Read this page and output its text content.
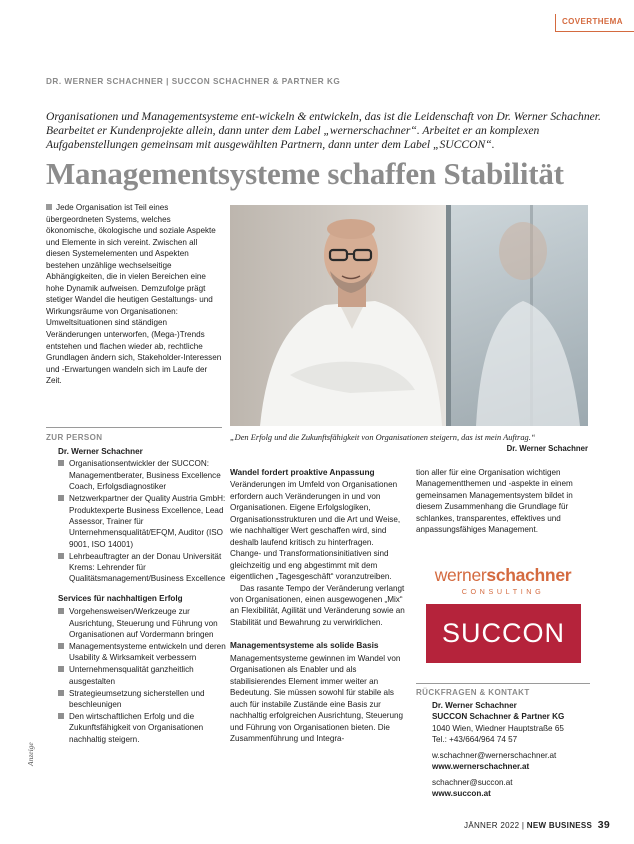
COVERTHEMA
DR. WERNER SCHACHNER | SUCCON SCHACHNER & PARTNER KG
Organisationen und Managementsysteme ent-wickeln & entwickeln, das ist die Leidenschaft von Dr. Werner Schachner. Bearbeitet er Kundenprojekte allein, dann unter dem Label „wernerschachner“. Arbeitet er an komplexen Aufgabenstellungen gemeinsam mit ausgewählten Partnern, dann unter dem Label „SUCCON“.
Managementsysteme schaffen Stabilität
Jede Organisation ist Teil eines übergeordneten Systems, welches ökonomische, ökologische und soziale Aspekte und Elemente in sich vereint. Zwischen all diesen Systemelementen und Aspekten bestehen unzählige wechselseitige Abhängigkeiten, die in vielen Bereichen eine hohe Dynamik aufweisen. Demzufolge prägt stetiger Wandel die heutigen Gestaltungs- und Wirkungsräume von Organisationen: Umweltsituationen sind ständigen Veränderungen unterworfen, (Mega-)Trends entstehen und flachen wieder ab, rechtliche Grundlagen ändern sich, Stakeholder-Interessen und -Erwartungen wandeln sich im Laufe der Zeit.
„Den Erfolg und die Zukunftsfähigkeit von Organisationen steigern, das ist mein Auftrag.“
Dr. Werner Schachner
ZUR PERSON
Dr. Werner Schachner
Organisationsentwickler der SUCCON: Managementberater, Business Excellence Coach, Erfolgsdiagnostiker
Netzwerkpartner der Quality Austria GmbH: Produktexperte Business Excellence, Lead Assessor, Trainer für Unternehmensqualität/EFQM, Auditor (ISO 9001, ISO 14001)
Lehrbeauftragter an der Donau Universität Krems: Lehrender für Qualitätsmanagement/Business Excellence
Services für nachhaltigen Erfolg
Vorgehensweisen/Werkzeuge zur Ausrichtung, Steuerung und Führung von Organisationen auf Vordermann bringen
Managementsysteme entwickeln und deren Usability & Wirksamkeit verbessern
Unternehmensqualität ganzheitlich ausgestalten
Strategieumsetzung sicherstellen und beschleunigen
Den wirtschaftlichen Erfolg und die Zukunftsfähigkeit von Organisationen nachhaltig steigern.
Anzeige
Wandel fordert proaktive Anpassung

Veränderungen im Umfeld von Organisationen erfordern auch Veränderungen in und von Organisationen. Eigene Erfolgslogiken, Organisationsstrukturen und die Art und Weise, wie nachhaltiger Wert geschaffen wird, sind deshalb laufend kritisch zu hinterfragen. Change- und Transformationsinitiativen sind gleichzeitig und eng abgestimmt mit dem eigentlichen „Tagesgeschäft“ voranzutreiben.

Das rasante Tempo der Veränderung verlangt von Organisationen, einen ausgewogenen „Mix“ an Flexibilität, Agilität und Veränderung sowie an Stabilität und Bewahrung zu verwirklichen.

Managementsysteme als solide Basis

Managementsysteme gewinnen im Wandel von Organisationen als Enabler und als stabilisierendes Element immer weiter an Bedeutung. Sie müssen sowohl für stabile als auch für instabile Zustände eine Basis zur nachhaltig erfolgreichen Ausrichtung, Steuerung und Führung von Organisationen bieten. Die Zusammenführung und Integra-

tion aller für eine Organisation wichtigen Managementthemen und -aspekte in einem gemeinsamen Managementsystem bildet in diesem Zusammenhang die Grundlage für schlankes, transparentes, effektives und anpassungsfähiges Management.

wernerschachner
CONSULTING
SUCCON
RÜCKFRAGEN & KONTAKT
Dr. Werner Schachner
SUCCON Schachner & Partner KG
1040 Wien, Wiedner Hauptstraße 65
Tel.: +43/664/964 74 57
w.schachner@wernerschachner.at
www.wernerschachner.at
schachner@succon.at
www.succon.at
JÄNNER 2022 | NEW BUSINESS 39
